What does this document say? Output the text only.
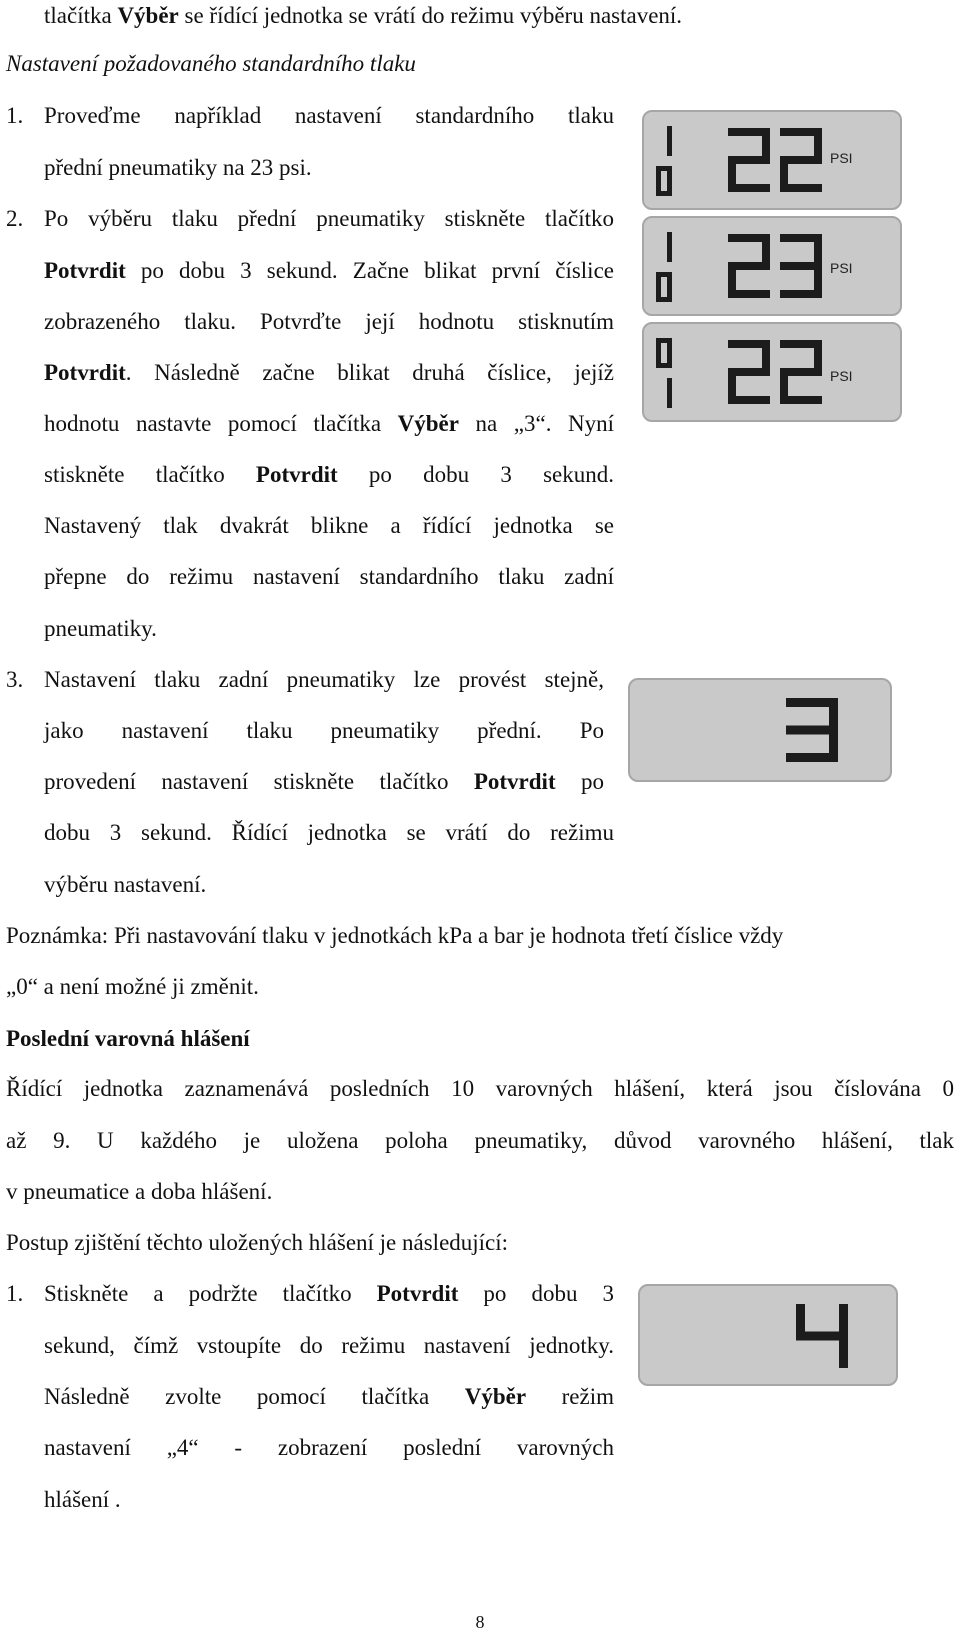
tlačítka Výběr se řídící jednotka se vrátí do režimu výběru nastavení.
Nastavení požadovaného standardního tlaku
1. Proveďme například nastavení standardního tlaku
přední pneumatiky na 23 psi.
2. Po výběru tlaku přední pneumatiky stiskněte tlačítko
Potvrdit po dobu 3 sekund. Začne blikat první číslice
zobrazeného tlaku. Potvrďte její hodnotu stisknutím
Potvrdit. Následně začne blikat druhá číslice, jejíž
hodnotu nastavte pomocí tlačítka Výběr na „3“. Nyní
stiskněte tlačítko Potvrdit po dobu 3 sekund.
Nastavený tlak dvakrát blikne a řídící jednotka se
přepne do režimu nastavení standardního tlaku zadní
pneumatiky.
3. Nastavení tlaku zadní pneumatiky lze provést stejně,
jako nastavení tlaku pneumatiky přední. Po
provedení nastavení stiskněte tlačítko Potvrdit po
dobu 3 sekund. Řídící jednotka se vrátí do režimu
výběru nastavení.
Poznámka: Při nastavování tlaku v jednotkách kPa a bar je hodnota třetí číslice vždy
„0“ a není možné ji změnit.
Poslední varovná hlášení
Řídící jednotka zaznamenává posledních 10 varovných hlášení, která jsou číslována 0
až 9. U každého je uložena poloha pneumatiky, důvod varovného hlášení, tlak
v pneumatice a doba hlášení.
Postup zjištění těchto uložených hlášení je následující:
1. Stiskněte a podržte tlačítko Potvrdit po dobu 3
sekund, čímž vstoupíte do režimu nastavení jednotky.
Následně zvolte pomocí tlačítka Výběr režim
nastavení „4“ - zobrazení poslední varovných
hlášení .
PSI
PSI
PSI
8
